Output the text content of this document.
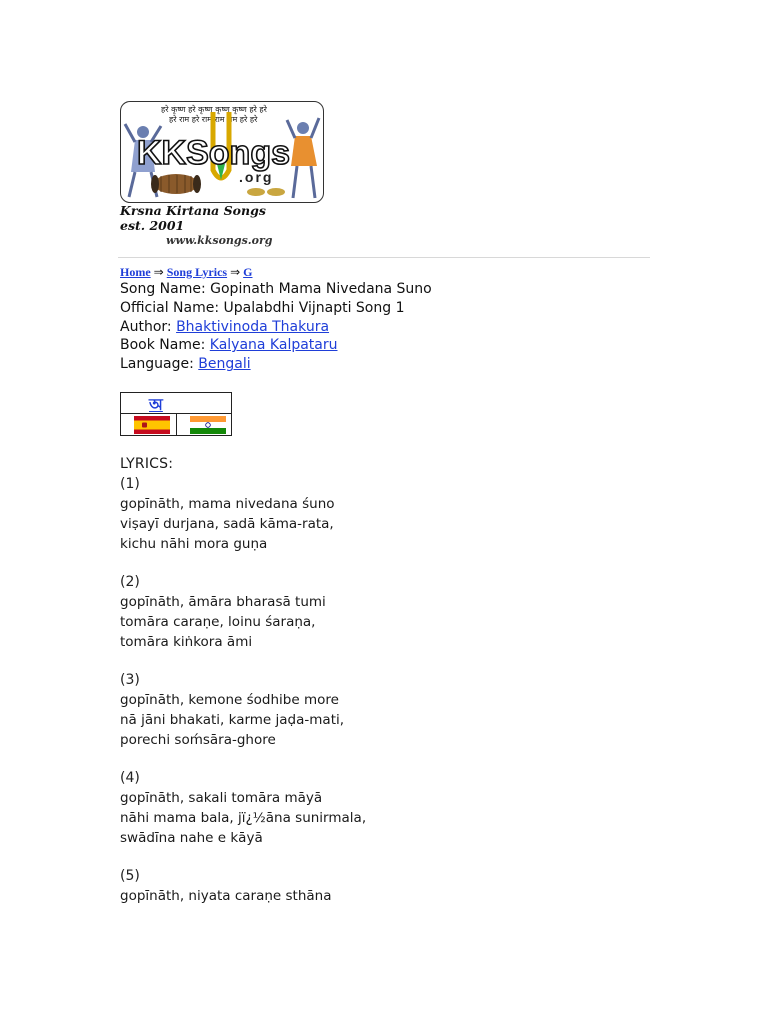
हरे कृष्ण हरे कृष्ण कृष्ण कृष्ण हरे हरे
हरे राम हरे राम राम राम हरे हरे
KKSongs
.org
Krsna Kirtana Songs est. 2001
www.kksongs.org
Home ⇒ Song Lyrics ⇒ G
Song Name: Gopinath Mama Nivedana Suno
Official Name: Upalabdhi Vijnapti Song 1
Author: Bhaktivinoda Thakura
Book Name: Kalyana Kalpataru
Language: Bengali
অ
LYRICS:
(1)
gopīnāth, mama nivedana śuno
viṣayī durjana, sadā kāma-rata,
kichu nāhi mora guṇa
(2)
gopīnāth, āmāra bharasā tumi
tomāra caraṇe, loinu śaraṇa,
tomāra kiṅkora āmi
(3)
gopīnāth, kemone śodhibe more
nā jāni bhakati, karme jaḍa-mati,
porechi soḿsāra-ghore
(4)
gopīnāth, sakali tomāra māyā
nāhi mama bala, jï¿½āna sunirmala,
swādīna nahe e kāyā
(5)
gopīnāth, niyata caraṇe sthāna
